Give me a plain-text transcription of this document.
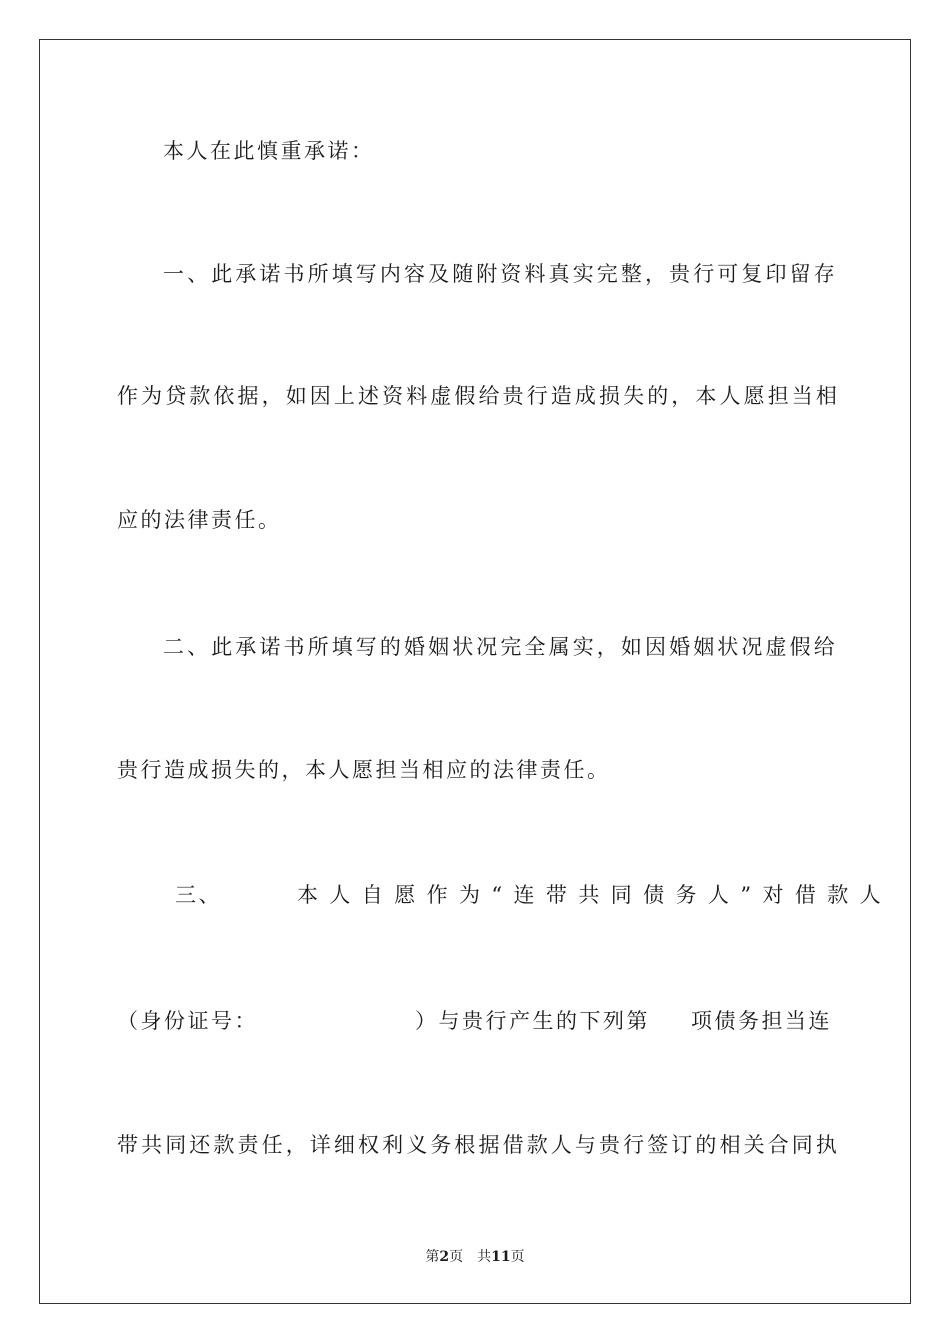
本人在此慎重承诺：
一、此承诺书所填写内容及随附资料真实完整，贵行可复印留存
作为贷款依据，如因上述资料虚假给贵行造成损失的，本人愿担当相
应的法律责任。
二、此承诺书所填写的婚姻状况完全属实，如因婚姻状况虚假给
贵行造成损失的，本人愿担当相应的法律责任。
三、	本人自愿作为“连带共同债务人”对借款人
（身份证号：	）与贵行产生的下列第 项债务担当连
带共同还款责任，详细权利义务根据借款人与贵行签订的相关合同执
第2页　共11页
